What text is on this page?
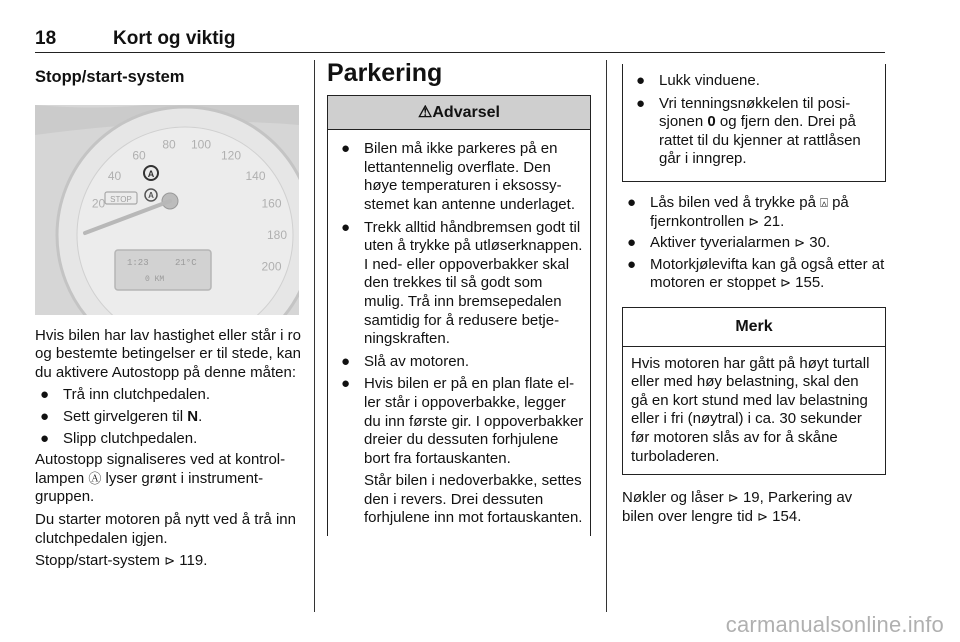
18	Kort og viktig
Stopp/start-system
20
40
60
80 100
120
140
160
180
200
STOP
A
A
1:23	21°C
0 KM

Hvis bilen har lav hastighet eller står i ro og bestemte betingelser er til stede, kan du aktivere Autostopp på denne måten:

● Trå inn clutchpedalen.
● Sett girvelgeren til N.
● Slipp clutchpedalen.

Autostopp signaliseres ved at kontrollampen Ⓐ lyser grønt i instrumentgruppen.

Du starter motoren på nytt ved å trå inn clutchpedalen igjen.

Stopp/start-system ⊳ 119.

Parkering
⚠Advarsel
● Bilen må ikke parkeres på en lettantennelig overflate. Den høye temperaturen i eksossystemet kan antenne underlaget.
● Trekk alltid håndbremsen godt til uten å trykke på utløserknappen. I ned- eller oppoverbakker skal den trekkes til så godt som mulig. Trå inn bremsepedalen samtidig for å redusere betjeningskraften.
● Slå av motoren.
● Hvis bilen er på en plan flate eller står i oppoverbakke, legger du inn første gir. I oppoverbakker dreier du dessuten forhjulene bort fra fortauskanten.

Står bilen i nedoverbakke, settes den i revers. Drei dessuten forhjulene inn mot fortauskanten.

● Lukk vinduene.
● Vri tenningsnøkkelen til posisjonen 0 og fjern den. Drei på rattet til du kjenner at rattlåsen går i inngrep.
● Lås bilen ved å trykke på ⍓ på fjernkontrollen ⊳ 21.
● Aktiver tyverialarmen ⊳ 30.
● Motorkjølevifta kan gå også etter at motoren er stoppet ⊳ 155.
Merk
Hvis motoren har gått på høyt turtall eller med høy belastning, skal den gå en kort stund med lav belastning eller i fri (nøytral) i ca. 30 sekunder før motoren slås av for å skåne turboladeren.

Nøkler og låser ⊳ 19, Parkering av bilen over lengre tid ⊳ 154.

carmanualsonline.info
